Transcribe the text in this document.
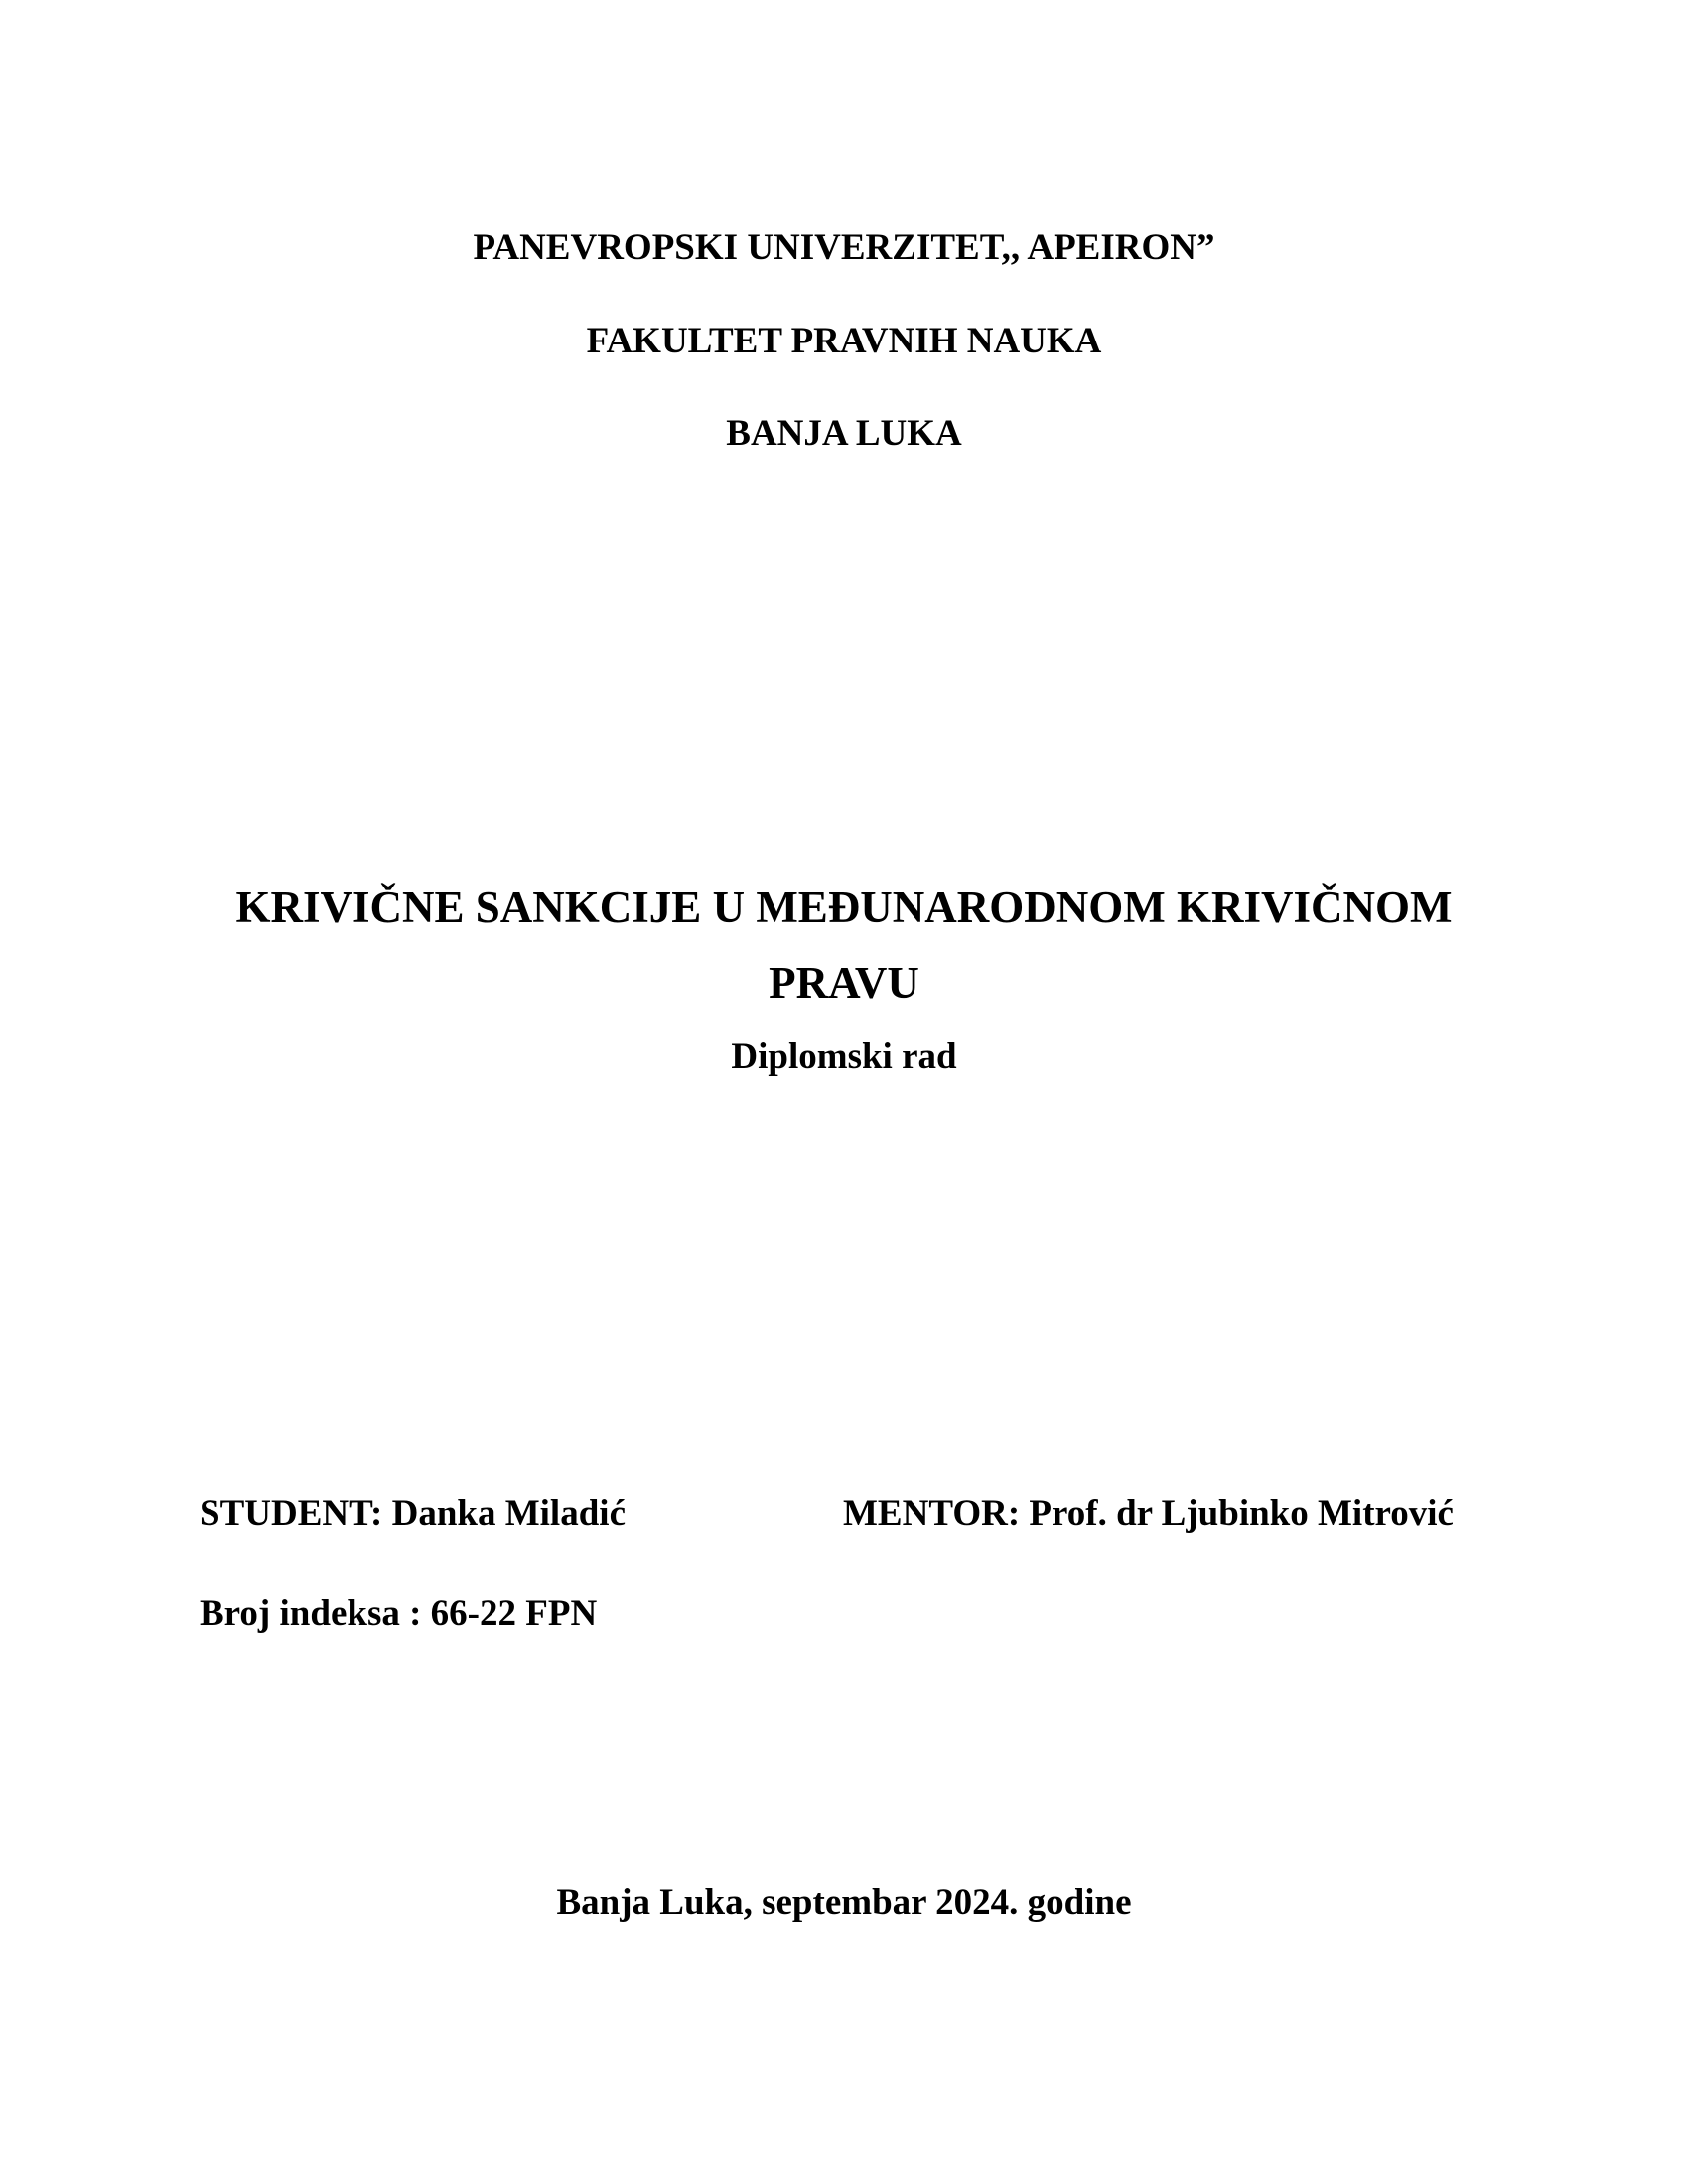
PANEVROPSKI UNIVERZITET,, APEIRON”
FAKULTET PRAVNIH NAUKA
BANJA LUKA
KRIVIČNE SANKCIJE U MEĐUNARODNOM KRIVIČNOM
PRAVU
Diplomski rad
STUDENT: Danka Miladić	MENTOR: Prof. dr Ljubinko Mitrović
Broj indeksa : 66-22 FPN
Banja Luka, septembar 2024. godine
